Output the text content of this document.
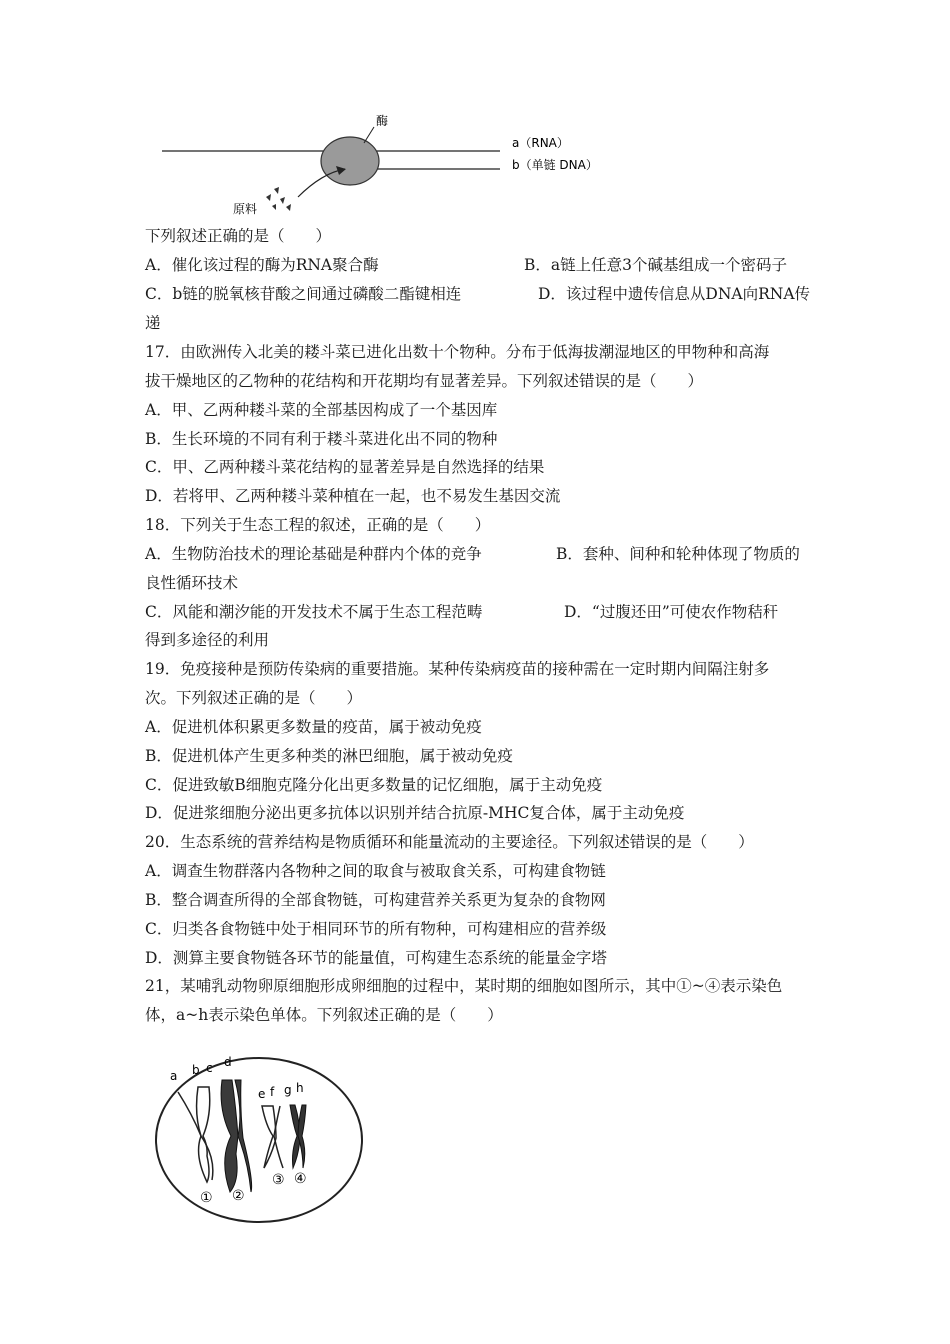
酶
a（RNA）
b（单链 DNA）
原料
下列叙述正确的是（　　）
A．催化该过程的酶为RNA聚合酶	B．a链上任意3个碱基组成一个密码子
C．b链的脱氧核苷酸之间通过磷酸二酯键相连	D．该过程中遗传信息从DNA向RNA传
递
17．由欧洲传入北美的耧斗菜已进化出数十个物种。分布于低海拔潮湿地区的甲物种和高海
拔干燥地区的乙物种的花结构和开花期均有显著差异。下列叙述错误的是（　　）
A．甲、乙两种耧斗菜的全部基因构成了一个基因库
B．生长环境的不同有利于耧斗菜进化出不同的物种
C．甲、乙两种耧斗菜花结构的显著差异是自然选择的结果
D．若将甲、乙两种耧斗菜种植在一起，也不易发生基因交流
18．下列关于生态工程的叙述，正确的是（　　）
A．生物防治技术的理论基础是种群内个体的竞争	B．套种、间种和轮种体现了物质的
良性循环技术
C．风能和潮汐能的开发技术不属于生态工程范畴	D．“过腹还田”可使农作物秸秆
得到多途径的利用
19．免疫接种是预防传染病的重要措施。某种传染病疫苗的接种需在一定时期内间隔注射多
次。下列叙述正确的是（　　）
A．促进机体积累更多数量的疫苗，属于被动免疫
B．促进机体产生更多种类的淋巴细胞，属于被动免疫
C．促进致敏B细胞克隆分化出更多数量的记忆细胞，属于主动免疫
D．促进浆细胞分泌出更多抗体以识别并结合抗原-MHC复合体，属于主动免疫
20．生态系统的营养结构是物质循环和能量流动的主要途径。下列叙述错误的是（　　）
A．调查生物群落内各物种之间的取食与被取食关系，可构建食物链
B．整合调查所得的全部食物链，可构建营养关系更为复杂的食物网
C．归类各食物链中处于相同环节的所有物种，可构建相应的营养级
D．测算主要食物链各环节的能量值，可构建生态系统的能量金字塔
21，某哺乳动物卵原细胞形成卵细胞的过程中，某时期的细胞如图所示，其中①~④表示染色
体，a~h表示染色单体。下列叙述正确的是（　　）
a b c d
e f g h
① ②
③ ④
